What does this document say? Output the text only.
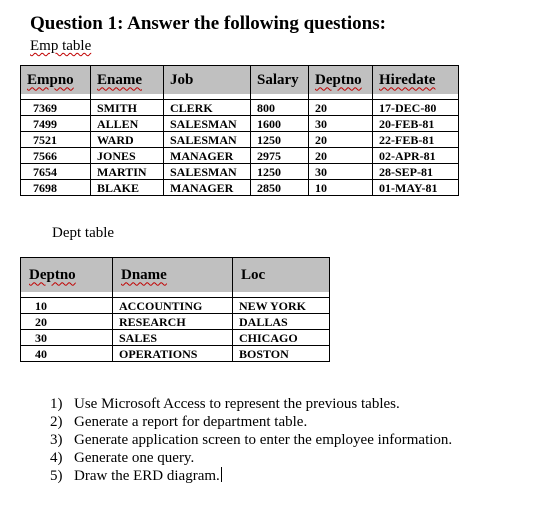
Question 1: Answer the following questions:
Emp table
Empno	Ename	Job	Salary	Deptno	Hiredate

7369	SMITH	CLERK	800	20	17-DEC-80
7499	ALLEN	SALESMAN	1600	30	20-FEB-81
7521	WARD	SALESMAN	1250	20	22-FEB-81
7566	JONES	MANAGER	2975	20	02-APR-81
7654	MARTIN	SALESMAN	1250	30	28-SEP-81
7698	BLAKE	MANAGER	2850	10	01-MAY-81
Dept table
Deptno	Dname	Loc

10	ACCOUNTING	NEW YORK
20	RESEARCH	DALLAS
30	SALES	CHICAGO
40	OPERATIONS	BOSTON
1) Use Microsoft Access to represent the previous tables.
2) Generate a report for department table.
3) Generate application screen to enter the employee information.
4) Generate one query.
5) Draw the ERD diagram.
